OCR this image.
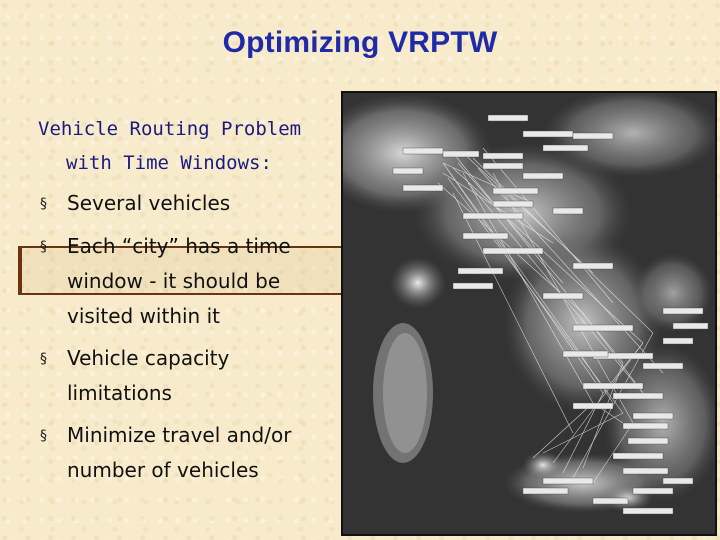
Optimizing VRPTW
Vehicle Routing Problem
with Time Windows:
§ Several vehicles
§ Each “city” has a time window - it should be visited within it
§ Vehicle capacity limitations
§ Minimize travel and/or number of vehicles
